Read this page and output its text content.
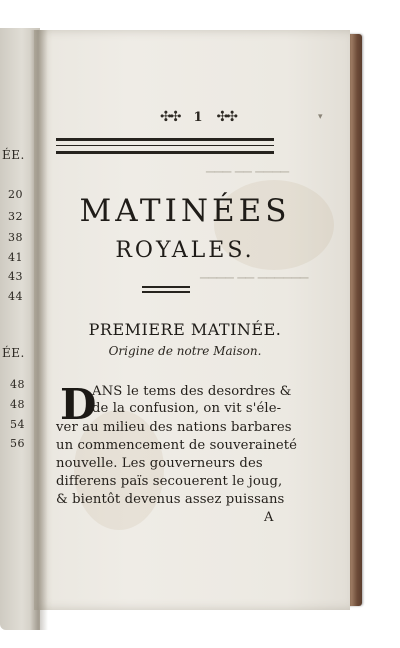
ÉE.
20
32
38
41
43
44
ÉE.
48
48
54
56
▁▁▁ ▁▁ ▁▁▁▁
▁▁▁▁ ▁▁ ▁▁▁▁▁▁
✣✣ 1 ✣✣	▾
MATINÉES
ROYALES.
PREMIERE MATINÉE.
Origine de notre Maison.
D
ANS le tems des desordres &
de la confusion, on vit s'éle-
ver au milieu des nations barbares
un commencement de souveraineté
nouvelle. Les gouverneurs des
differens païs secouerent le joug,
& bientôt devenus assez puissans
A
